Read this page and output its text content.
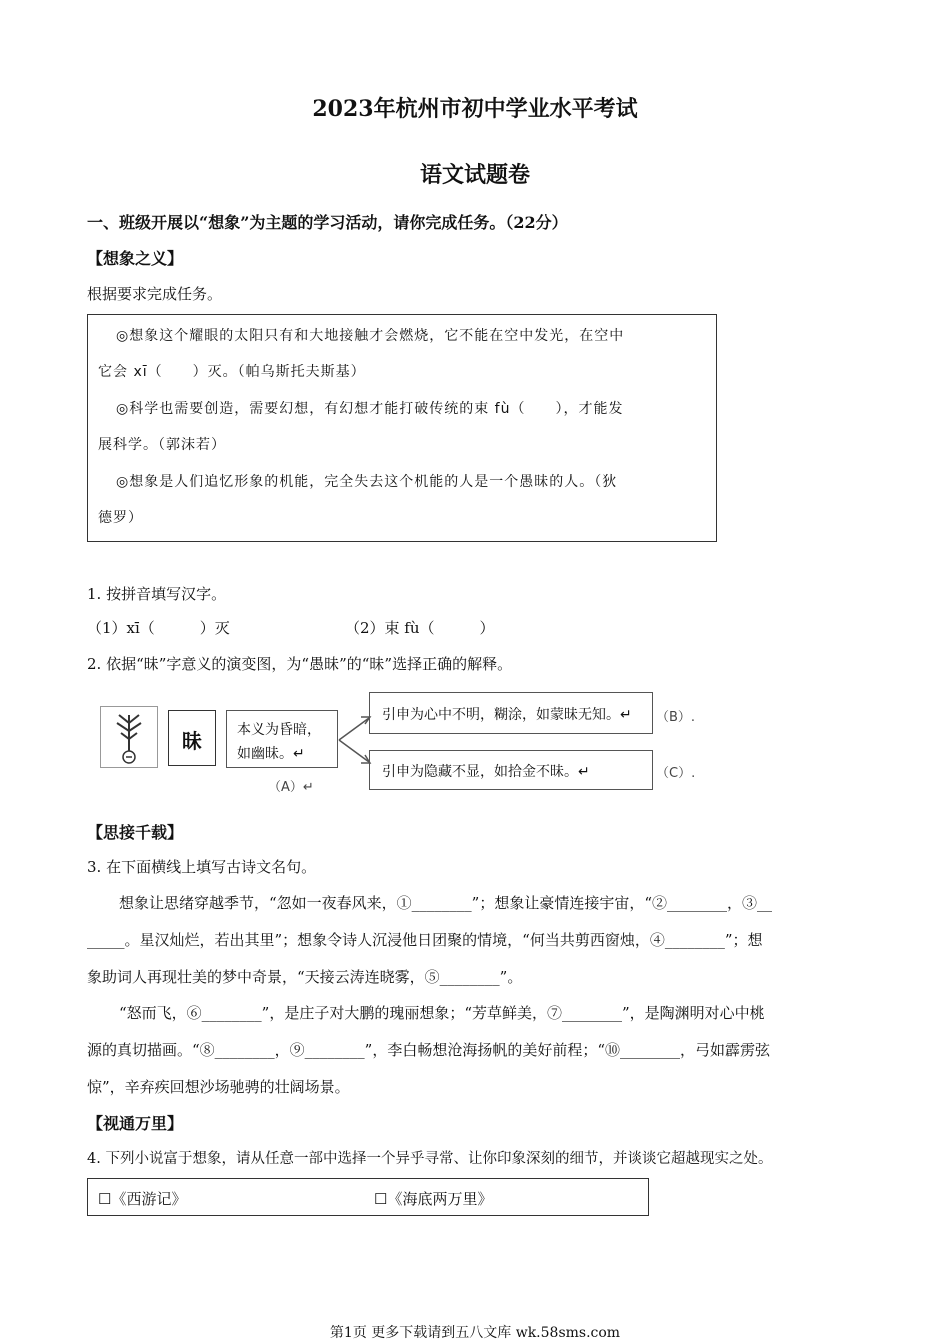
2023年杭州市初中学业水平考试
语文试题卷
一、班级开展以“想象”为主题的学习活动，请你完成任务。（22分）
【想象之义】
根据要求完成任务。
◎想象这个耀眼的太阳只有和大地接触才会燃烧，它不能在空中发光，在空中
它会 xī（　　）灭。（帕乌斯托夫斯基）
◎科学也需要创造，需要幻想，有幻想才能打破传统的束 fù（　　），才能发
展科学。（郭沫若）
◎想象是人们追忆形象的机能，完全失去这个机能的人是一个愚昧的人。（狄
德罗）
1. 按拼音填写汉字。
（1）xī（　　　）灭	（2）束 fù（　　　）
2. 依据“昧”字意义的演变图，为“愚昧”的“昧”选择正确的解释。
昧	本义为昏暗，
如幽昧。↵
（A）↵
引申为心中不明，糊涂，如蒙昧无知。↵ （B）.
引申为隐藏不显，如拾金不昧。↵	（C）.
【思接千载】
3. 在下面横线上填写古诗文名句。
想象让思绪穿越季节，“忽如一夜春风来，①________”；想象让豪情连接宇宙，“②________，③__
_____。星汉灿烂，若出其里”；想象令诗人沉浸他日团聚的情境，“何当共剪西窗烛，④________”；想
象助词人再现壮美的梦中奇景，“天接云涛连晓雾，⑤________”。
“怒而飞，⑥________”，是庄子对大鹏的瑰丽想象；“芳草鲜美，⑦________”，是陶渊明对心中桃
源的真切描画。“⑧________，⑨________”，李白畅想沧海扬帆的美好前程；“⑩________，弓如霹雳弦
惊”，辛弃疾回想沙场驰骋的壮阔场景。
【视通万里】
4. 下列小说富于想象，请从任意一部中选择一个异乎寻常、让你印象深刻的细节，并谈谈它超越现实之处。
☐《西游记》	☐《海底两万里》
第1页 更多下载请到五八文库 wk.58sms.com
